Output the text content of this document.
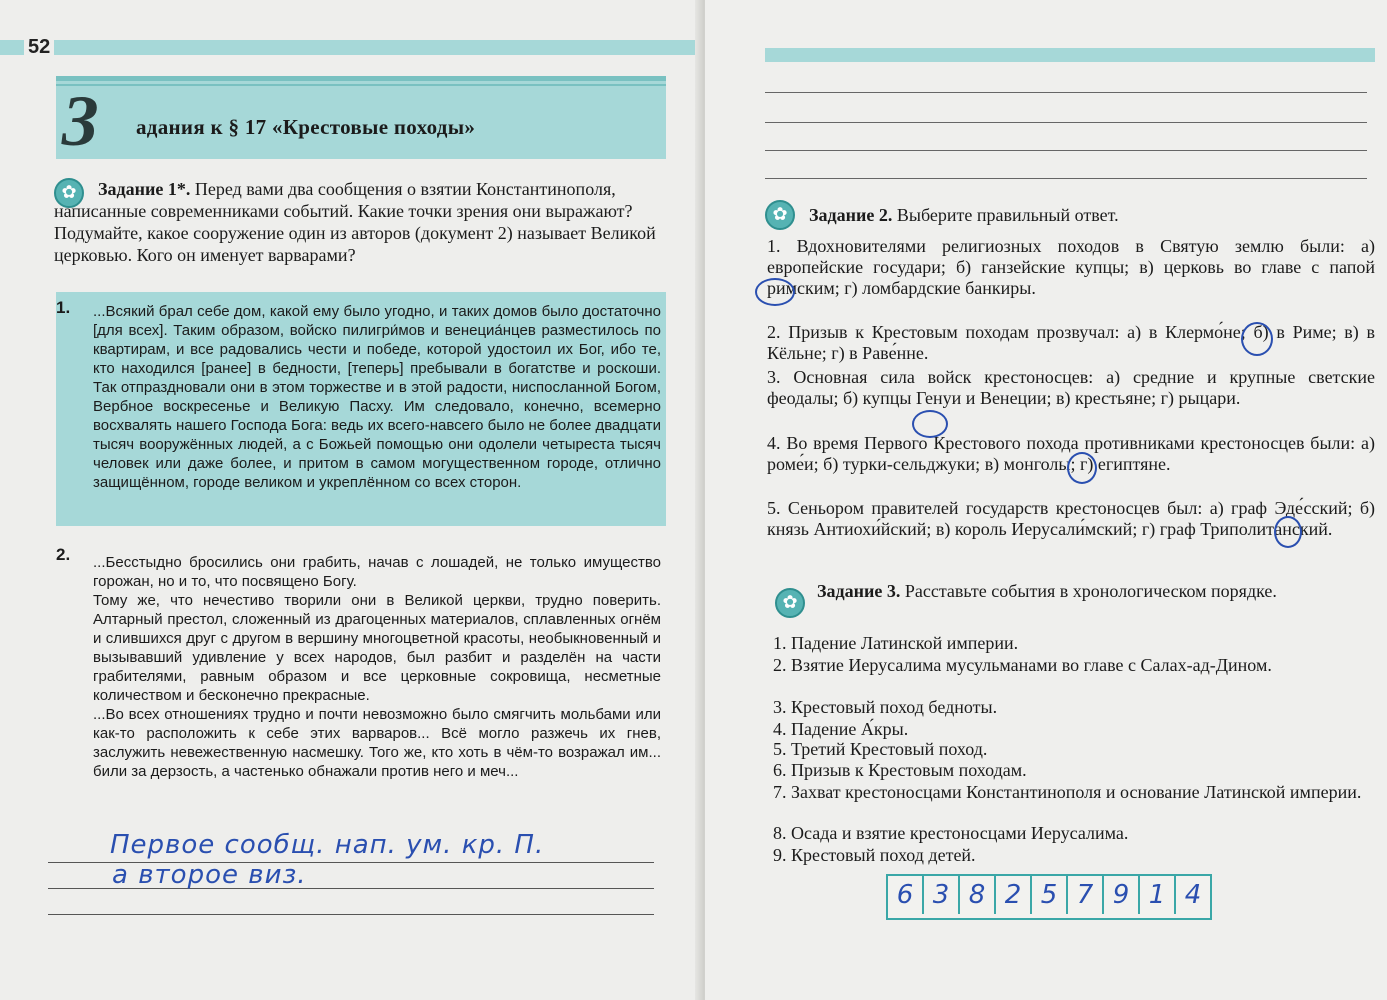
52
З адания к § 17 «Крестовые походы»
✿	Задание 1*. Перед вами два сообщения о взятии Константинополя, написанные современниками событий. Какие точки зрения они выражают? Подумайте, какое сооружение один из авторов (документ 2) называет Великой церковью. Кого он именует варварами?
1. ...Всякий брал себе дом, какой ему было угодно, и таких домов было достаточно [для всех]. Таким образом, войско пилигри́мов и венециа́нцев разместилось по квартирам, и все радовались чести и победе, которой удостоил их Бог, ибо те, кто находился [ранее] в бедности, [теперь] пребывали в богатстве и роскоши. Так отпраздновали они в этом торжестве и в этой радости, ниспосланной Богом, Вербное воскресенье и Великую Пасху. Им следовало, конечно, всемерно восхвалять нашего Господа Бога: ведь их всего-навсего было не более двадцати тысяч вооружённых людей, а с Божьей помощью они одолели четыреста тысяч человек или даже более, и притом в самом могущественном городе, отлично защищённом, городе великом и укреплённом со всех сторон.
2. ...Бесстыдно бросились они грабить, начав с лошадей, не только имущество горожан, но и то, что посвящено Богу.
Тому же, что нечестиво творили они в Великой церкви, трудно поверить. Алтарный престол, сложенный из драгоценных материалов, сплавленных огнём и слившихся друг с другом в вершину многоцветной красоты, необыкновенный и вызывавший удивление у всех народов, был разбит и разделён на части грабителями, равным образом и все церковные сокровища, несметные количеством и бесконечно прекрасные.
...Во всех отношениях трудно и почти невозможно было смягчить мольбами или как-то расположить к себе этих варваров... Всё могло разжечь их гнев, заслужить невежественную насмешку. Того же, кто хоть в чём-то возражал им... били за дерзость, а частенько обнажали против него и меч...
Первое сообщ. нап. ум. кр. П.
а второе виз.
✿	Задание 2. Выберите правильный ответ.
1. Вдохновителями религиозных походов в Святую землю были: а) европейские государи; б) ганзейские купцы; в) церковь во главе с папой римским; г) ломбардские банкиры.
2. Призыв к Крестовым походам прозвучал: а) в Клермо́не; б) в Риме; в) в Кёльне; г) в Раве́нне.
3. Основная сила войск крестоносцев: а) средние и крупные светские феодалы; б) купцы Генуи и Венеции; в) крестьяне; г) рыцари.
4. Во время Первого Крестового похода противниками крестоносцев были: а) роме́и; б) турки-сельджуки; в) монголы; г) египтяне.
5. Сеньором правителей государств крестоносцев был: а) граф Эде́сский; б) князь Антиохи́йский; в) король Иерусали́мский; г) граф Триполита́нский.
✿
Задание 3. Расставьте события в хронологическом порядке.
1. Падение Латинской империи.
2. Взятие Иерусалима мусульманами во главе с Салах-ад-Дином.
3. Крестовый поход бедноты.
4. Падение А́кры.
5. Третий Крестовый поход.
6. Призыв к Крестовым походам.
7. Захват крестоносцами Константинополя и основание Латинской империи.
8. Осада и взятие крестоносцами Иерусалима.
9. Крестовый поход детей.
6 3 8 2 5 7 9 1 4
